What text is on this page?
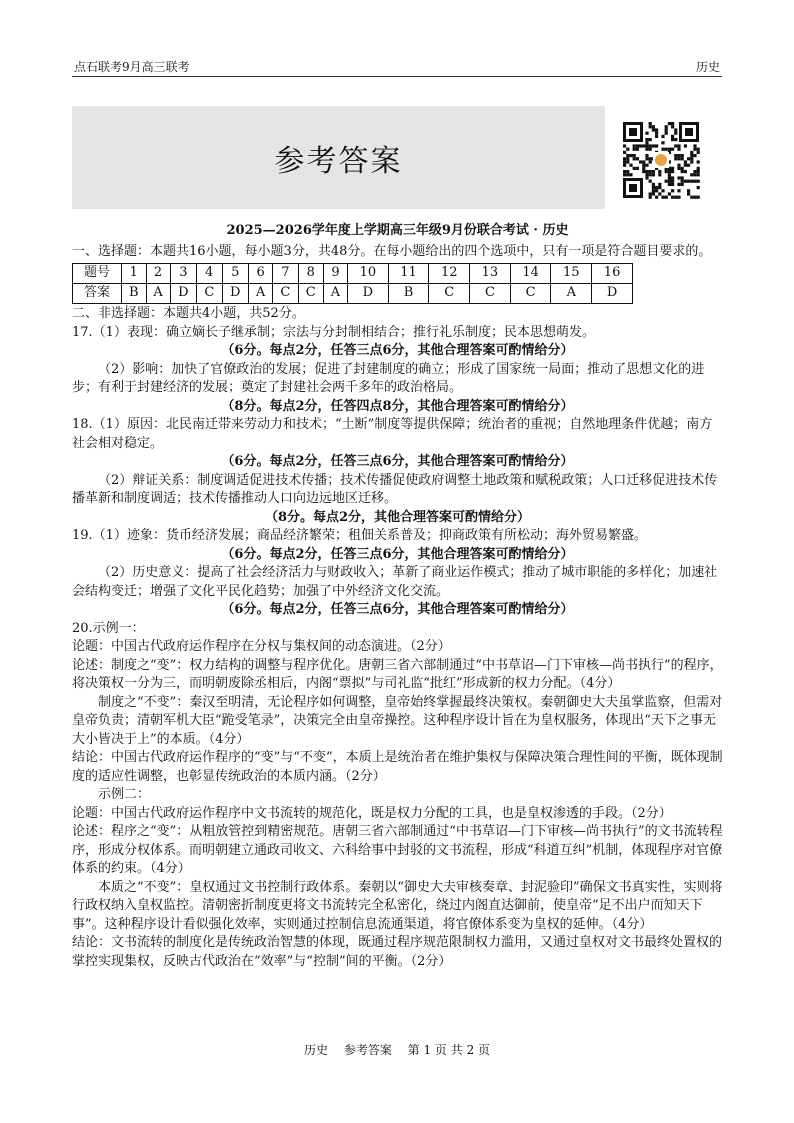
点石联考9月高三联考	历史
参考答案

2025—2026学年度上学期高三年级9月份联合考试 · 历史

一、选择题：本题共16小题，每小题3分，共48分。在每小题给出的四个选项中，只有一项是符合题目要求的。

题号	1	2	3	4	5	6	7	8	9	10	11	12	13	14	15	16
答案	B	A	D	C	D	A	C	C	A	D	B	C	C	C	A	D

二、非选择题：本题共4小题，共52分。

17.（1）表现：确立嫡长子继承制；宗法与分封制相结合；推行礼乐制度；民本思想萌发。

（6分。每点2分，任答三点6分，其他合理答案可酌情给分）

（2）影响：加快了官僚政治的发展；促进了封建制度的确立；形成了国家统一局面；推动了思想文化的进步；有利于封建经济的发展；奠定了封建社会两千多年的政治格局。

（8分。每点2分，任答四点8分，其他合理答案可酌情给分）

18.（1）原因：北民南迁带来劳动力和技术；“土断”制度等提供保障；统治者的重视；自然地理条件优越；南方社会相对稳定。

（6分。每点2分，任答三点6分，其他合理答案可酌情给分）

（2）辩证关系：制度调适促进技术传播；技术传播促使政府调整土地政策和赋税政策；人口迁移促进技术传播革新和制度调适；技术传播推动人口向边远地区迁移。

（8分。每点2分，其他合理答案可酌情给分）

19.（1）迹象：货币经济发展；商品经济繁荣；租佃关系普及；抑商政策有所松动；海外贸易繁盛。

（6分。每点2分，任答三点6分，其他合理答案可酌情给分）

（2）历史意义：提高了社会经济活力与财政收入；革新了商业运作模式；推动了城市职能的多样化；加速社会结构变迁；增强了文化平民化趋势；加强了中外经济文化交流。

（6分。每点2分，任答三点6分，其他合理答案可酌情给分）

20.示例一：

论题：中国古代政府运作程序在分权与集权间的动态演进。（2分）

论述：制度之“变”：权力结构的调整与程序优化。唐朝三省六部制通过“中书草诏—门下审核—尚书执行”的程序，将决策权一分为三，而明朝废除丞相后，内阁“票拟”与司礼监“批红”形成新的权力分配。（4分）

制度之“不变”：秦汉至明清，无论程序如何调整，皇帝始终掌握最终决策权。秦朝御史大夫虽掌监察，但需对皇帝负责；清朝军机大臣“跪受笔录”，决策完全由皇帝操控。这种程序设计旨在为皇权服务，体现出“天下之事无大小皆决于上”的本质。（4分）

结论：中国古代政府运作程序的“变”与“不变”，本质上是统治者在维护集权与保障决策合理性间的平衡，既体现制度的适应性调整，也彰显传统政治的本质内涵。（2分）

示例二：

论题：中国古代政府运作程序中文书流转的规范化，既是权力分配的工具，也是皇权渗透的手段。（2分）

论述：程序之“变”：从粗放管控到精密规范。唐朝三省六部制通过“中书草诏—门下审核—尚书执行”的文书流转程序，形成分权体系。而明朝建立通政司收文、六科给事中封驳的文书流程，形成“科道互纠”机制，体现程序对官僚体系的约束。（4分）

本质之“不变”：皇权通过文书控制行政体系。秦朝以“御史大夫审核奏章、封泥验印”确保文书真实性，实则将行政权纳入皇权监控。清朝密折制度更将文书流转完全私密化，绕过内阁直达御前，使皇帝“足不出户而知天下事”。这种程序设计看似强化效率，实则通过控制信息流通渠道，将官僚体系变为皇权的延伸。（4分）

结论：文书流转的制度化是传统政治智慧的体现，既通过程序规范限制权力滥用，又通过皇权对文书最终处置权的掌控实现集权，反映古代政治在“效率”与“控制”间的平衡。（2分）

历史 参考答案 第 1 页 共 2 页
